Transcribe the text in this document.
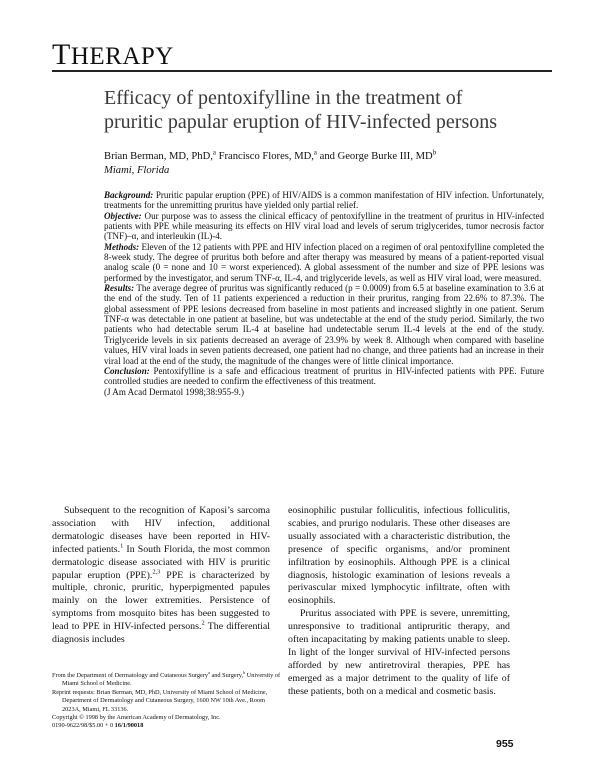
THERAPY
Efficacy of pentoxifylline in the treatment of
pruritic papular eruption of HIV-infected persons
Brian Berman, MD, PhD,$^a$ Francisco Flores, MD,$^a$ and George Burke III, $MD^b$
Miami, Florida

Background: Pruritic papular eruption (PPE) of HIV/AIDS is a common manifestation of HIV infection. Unfortunately, treatments for the unremitting pruritus have yielded only partial relief.

Objective: Our purpose was to assess the clinical efficacy of pentoxifylline in the treatment of pruritus in HIV-infected patients with PPE while measuring its effects on HIV viral load and levels of serum triglycerides, tumor necrosis factor (TNF)–α, and interleukin (IL)-4.

Methods: Eleven of the 12 patients with PPE and HIV infection placed on a regimen of oral pentoxifylline completed the 8-week study. The degree of pruritus both before and after therapy was measured by means of a patient-reported visual analog scale (0 = none and 10 = worst experienced). A global assessment of the number and size of PPE lesions was performed by the investigator, and serum TNF-α, IL-4, and triglyceride levels, as well as HIV viral load, were measured.

Results: The average degree of pruritus was significantly reduced (p = 0.0009) from 6.5 at baseline examination to 3.6 at the end of the study. Ten of 11 patients experienced a reduction in their pruritus, ranging from 22.6% to 87.3%. The global assessment of PPE lesions decreased from baseline in most patients and increased slightly in one patient. Serum TNF-α was detectable in one patient at baseline, but was undetectable at the end of the study period. Similarly, the two patients who had detectable serum IL-4 at baseline had undetectable serum IL-4 levels at the end of the study. Triglyceride levels in six patients decreased an average of 23.9% by week 8. Although when compared with baseline values, HIV viral loads in seven patients decreased, one patient had no change, and three patients had an increase in their viral load at the end of the study, the magnitude of the changes were of little clinical importance.

Conclusion: Pentoxifylline is a safe and efficacious treatment of pruritus in HIV-infected patients with PPE. Future controlled studies are needed to confirm the effectiveness of this treatment.

(J Am Acad Dermatol 1998;38:955-9.)

Subsequent to the recognition of Kaposi’s sarcoma association with HIV infection, additional dermatologic diseases have been reported in HIV-infected patients.$^1$ In South Florida, the most common dermatologic disease associated with HIV is pruritic papular eruption (PPE).$^{2,3}$ PPE is characterized by multiple, chronic, pruritic, hyperpigmented papules mainly on the lower extremities. Persistence of symptoms from mosquito bites has been suggested to lead to PPE in HIV-infected persons.$^2$ The differential diagnosis includes

eosinophilic pustular folliculitis, infectious folliculitis, scabies, and prurigo nodularis. These other diseases are usually associated with a characteristic distribution, the presence of specific organisms, and/or prominent infiltration by eosinophils. Although PPE is a clinical diagnosis, histologic examination of lesions reveals a perivascular mixed lymphocytic infiltrate, often with eosinophils.

Pruritus associated with PPE is severe, unremitting, unresponsive to traditional antipruritic therapy, and often incapacitating by making patients unable to sleep. In light of the longer survival of HIV-infected persons afforded by new antiretroviral therapies, PPE has emerged as a major detriment to the quality of life of these patients, both on a medical and cosmetic basis.

From the Department of Dermatology and Cutaneous Surgery$^a$ and Surgery,$^b$ University of Miami School of Medicine.

Reprint requests: Brian Berman, MD, PhD, University of Miami School of Medicine, Department of Dermatology and Cutaneous Surgery, 1600 NW 10th Ave., Room 2023A, Miami, FL 33136.

Copyright © 1998 by the American Academy of Dermatology, Inc.

0190-9622/98/$5.00 + 0 16/1/90018

955
